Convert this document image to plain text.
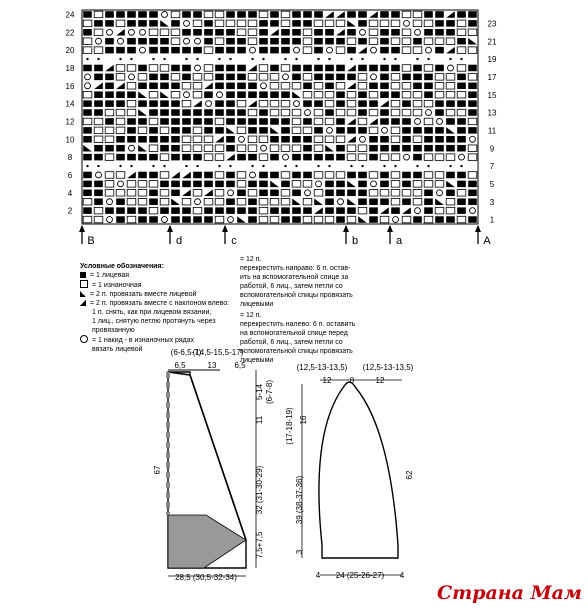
24
22
20
18
16
14
12
10
8
6
4
2
23
21
19
17
15
13
11
9
7
5
3
1
B	d	c	b	a	A
Условные обозначения:
= 1 лицевая
= 1 изнаночная
= 2 п. провязать вместе лицевой
= 2 п. провязать вместе с наклоном влево:
1 п. снять, как при лицевом вязании,
1 лиц., снятую петлю протянуть через
провязанную
= 1 накид - в изнаночных рядах
вязать лицевой
= 12 п.
перекрестить направо: 6 п. остав-
ить на вспомогательной спице за
работой, 6 лиц., затем петли со
вспомогательной спицы провязать
лицевыми
= 12 п.
перекрестить налево: 6 п. оставить
на вспомогательной спице перед
работой, 6 лиц., затем петли со
вспомогательной спицы провязать
лицевыми
(6-6,5-7)
(14,5-15,5-17)
6,5	13 6,5
67
5-14 (6-7-8)
11
32 (31-30-29)
7,5+7,5
28,5 (30,5-32-34)
(12,5-13-13,5) (12,5-13-13,5)
12 8	12
16
(17-18-19)
39 (38-37-36)
3
62
4 24 (25-26-27) 4
Страна Мам
